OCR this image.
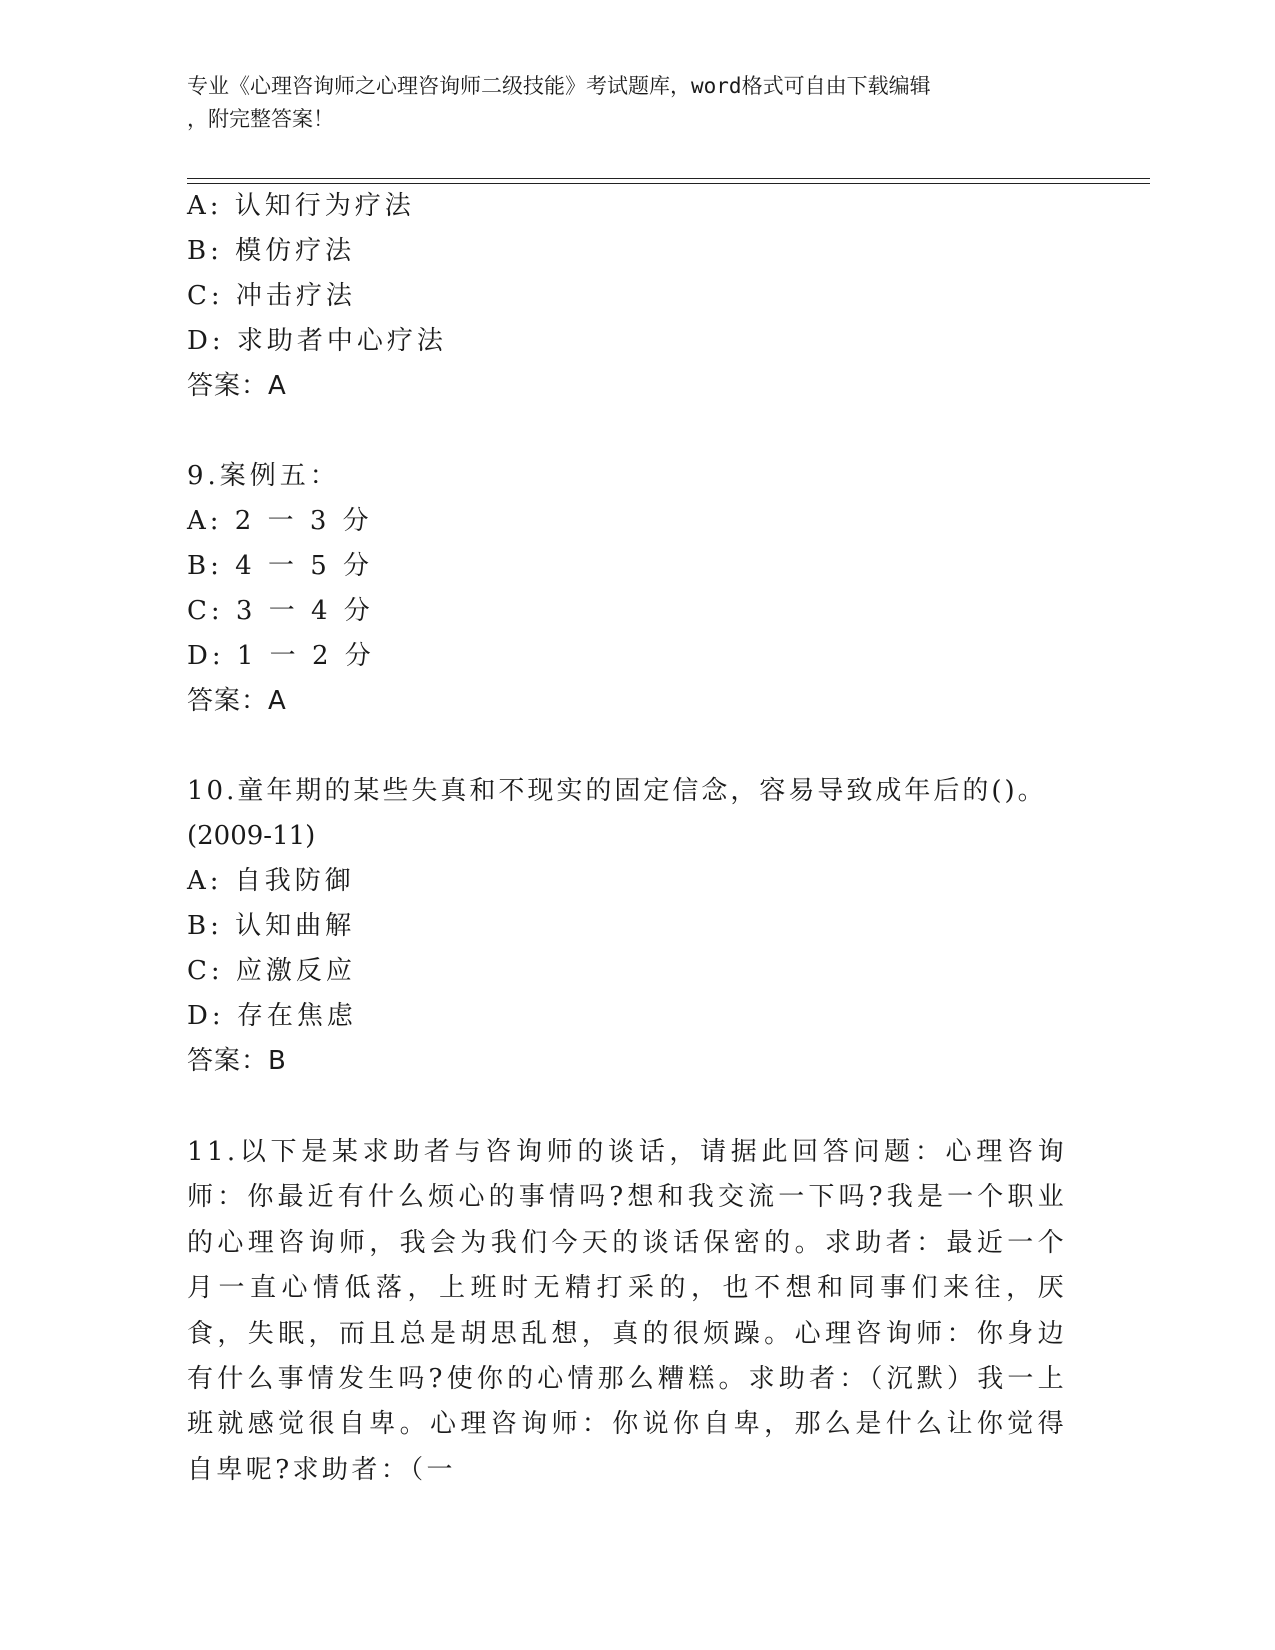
专业《心理咨询师之心理咨询师二级技能》考试题库，word格式可自由下载编辑
，附完整答案！
A: 认知行为疗法
B: 模仿疗法
C: 冲击疗法
D: 求助者中心疗法
答案：A
9.案例五：
A: 2 一 3 分
B: 4 一 5 分
C: 3 一 4 分
D: 1 一 2 分
答案：A
10.童年期的某些失真和不现实的固定信念，容易导致成年后的()。
(2009-11)
A: 自我防御
B: 认知曲解
C: 应激反应
D: 存在焦虑
答案：B
11.以下是某求助者与咨询师的谈话，请据此回答问题：心理咨询师：你最近有什么烦心的事情吗?想和我交流一下吗?我是一个职业的心理咨询师，我会为我们今天的谈话保密的。求助者：最近一个月一直心情低落，上班时无精打采的，也不想和同事们来往，厌食，失眠，而且总是胡思乱想，真的很烦躁。心理咨询师：你身边有什么事情发生吗?使你的心情那么糟糕。求助者：（沉默）我一上班就感觉很自卑。心理咨询师：你说你自卑，那么是什么让你觉得自卑呢?求助者：（一
